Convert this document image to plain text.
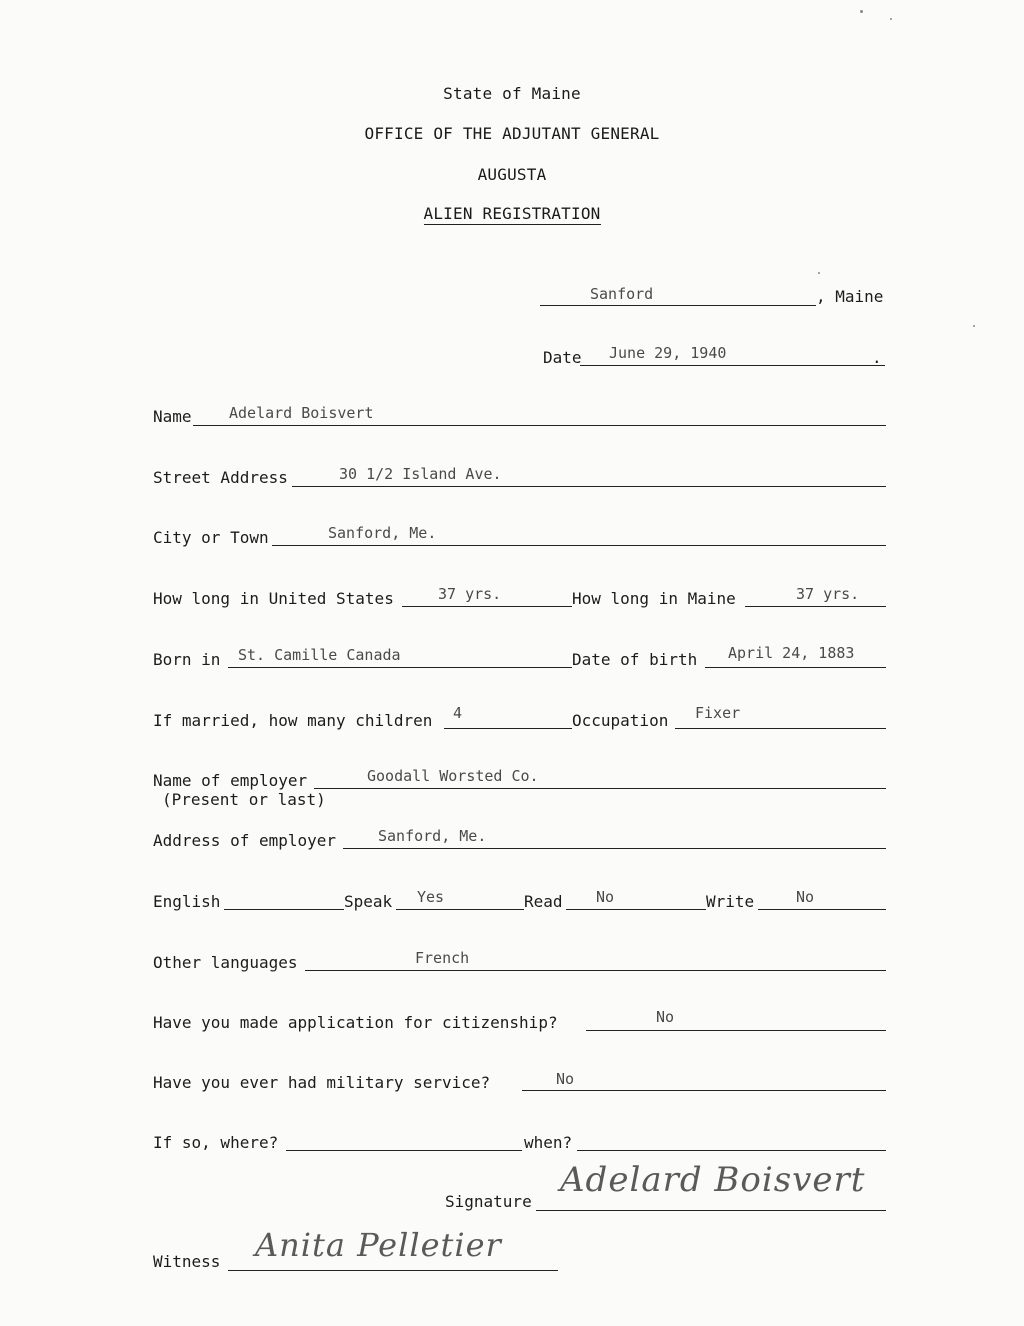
State of Maine
OFFICE OF THE ADJUTANT GENERAL
AUGUSTA
ALIEN REGISTRATION
Sanford	, Maine
Date June 29, 1940	.
Name Adelard Boisvert
Street Address	30 1/2 Island Ave.
City or Town	Sanford, Me.
How long in United States	37 yrs.	How long in Maine	37 yrs.
Born in St. Camille Canada	Date of birth April 24, 1883
If married, how many children 4	Occupation Fixer
Name of employer	Goodall Worsted Co.
(Present or last)
Address of employer	Sanford, Me.
English	Speak Yes	Read No	Write	No
Other languages	French
Have you made application for citizenship?	No
Have you ever had military service?	No
If so, where?	when?
Signature
Adelard Boisvert
Witness Anita Pelletier
